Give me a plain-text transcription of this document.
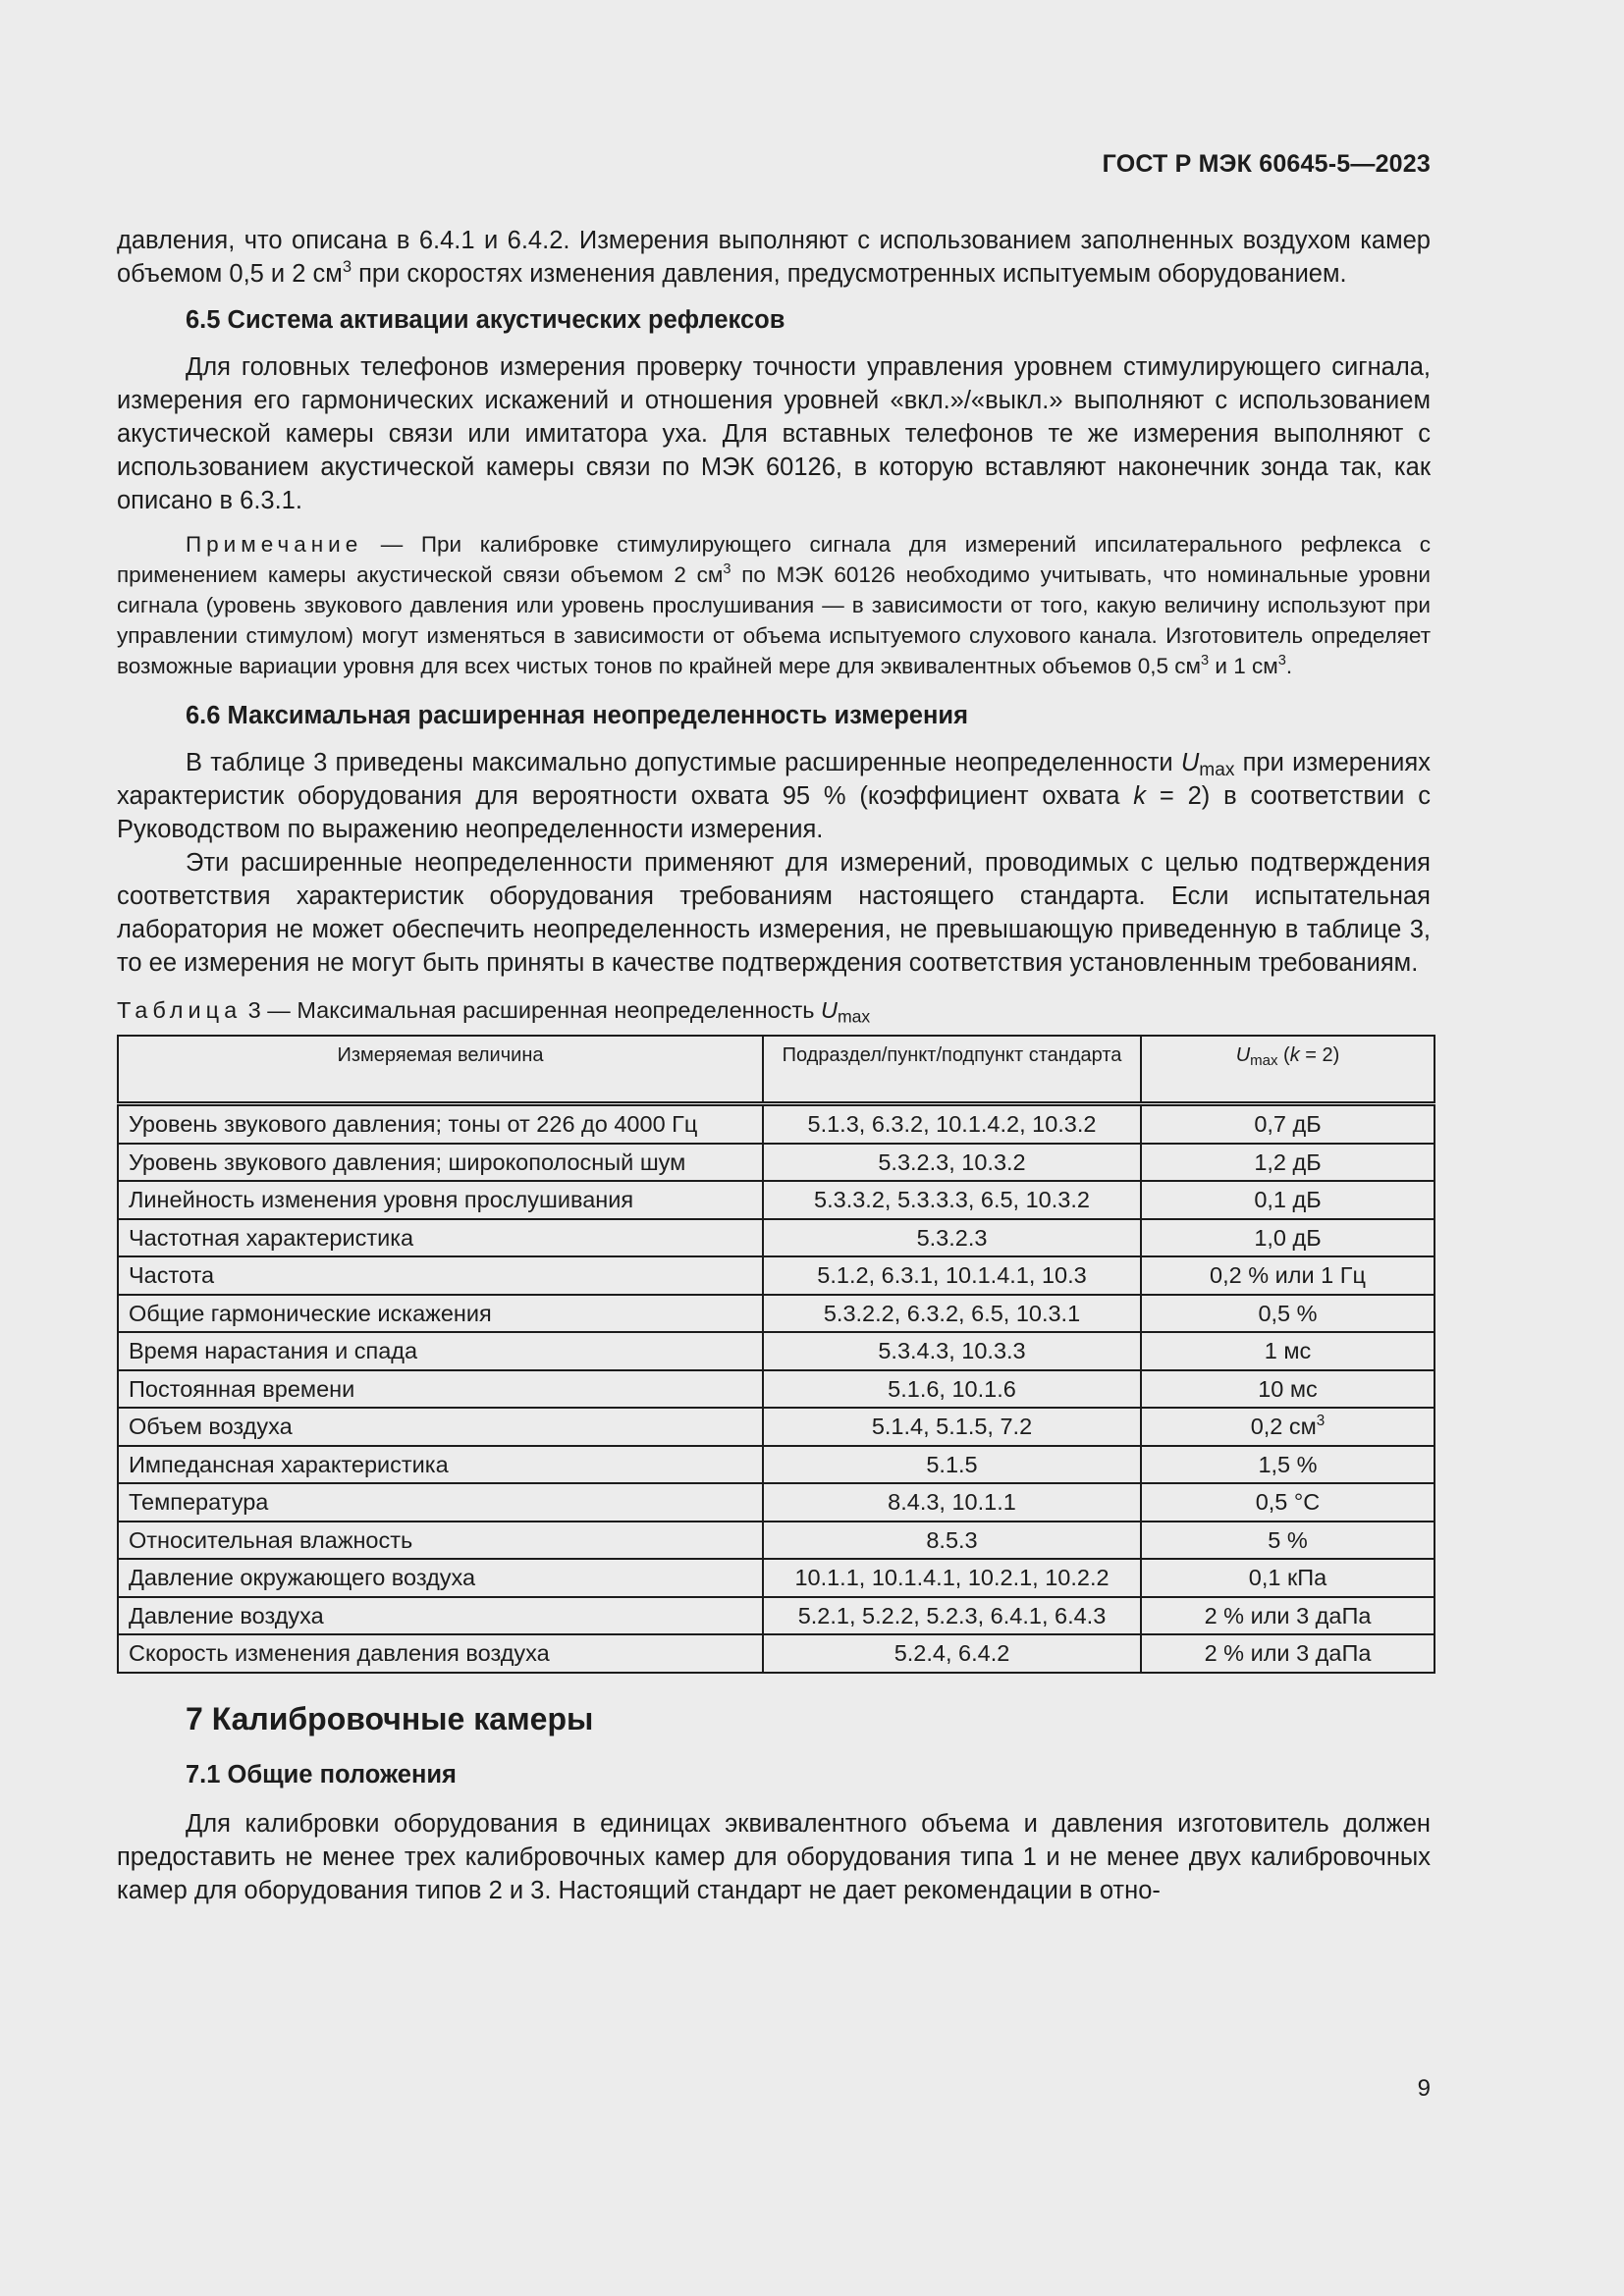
ГОСТ Р МЭК 60645-5—2023

давления, что описана в 6.4.1 и 6.4.2. Измерения выполняют с использованием заполненных воздухом камер объемом 0,5 и 2 $см^3$ при скоростях изменения давления, предусмотренных испытуемым оборудованием.

6.5 Система активации акустических рефлексов

Для головных телефонов измерения проверку точности управления уровнем стимулирующего сигнала, измерения его гармонических искажений и отношения уровней «вкл.»/«выкл.» выполняют с использованием акустической камеры связи или имитатора уха. Для вставных телефонов те же измерения выполняют с использованием акустической камеры связи по МЭК 60126, в которую вставляют наконечник зонда так, как описано в 6.3.1.

Примечание — При калибровке стимулирующего сигнала для измерений ипсилатерального рефлекса с применением камеры акустической связи объемом 2 $см^3$ по МЭК 60126 необходимо учитывать, что номинальные уровни сигнала (уровень звукового давления или уровень прослушивания — в зависимости от того, какую величину используют при управлении стимулом) могут изменяться в зависимости от объема испытуемого слухового канала. Изготовитель определяет возможные вариации уровня для всех чистых тонов по крайней мере для эквивалентных объемов 0,5 $см^3$ и 1 $см^3$.

6.6 Максимальная расширенная неопределенность измерения

В таблице 3 приведены максимально допустимые расширенные неопределенности $U_{max}$ при измерениях характеристик оборудования для вероятности охвата 95 % (коэффициент охвата k = 2) в соответствии с Руководством по выражению неопределенности измерения.

Эти расширенные неопределенности применяют для измерений, проводимых с целью подтверждения соответствия характеристик оборудования требованиям настоящего стандарта. Если испытательная лаборатория не может обеспечить неопределенность измерения, не превышающую приведенную в таблице 3, то ее измерения не могут быть приняты в качестве подтверждения соответствия установленным требованиям.

Таблица 3 — Максимальная расширенная неопределенность $U_{max}$
Измеряемая величина	Подраздел/пункт/подпункт стандарта	$U_{max}$ (k = 2)
Уровень звукового давления; тоны от 226 до 4000 Гц	5.1.3, 6.3.2, 10.1.4.2, 10.3.2	0,7 дБ
Уровень звукового давления; широкополосный шум	5.3.2.3, 10.3.2	1,2 дБ
Линейность изменения уровня прослушивания	5.3.3.2, 5.3.3.3, 6.5, 10.3.2	0,1 дБ
Частотная характеристика	5.3.2.3	1,0 дБ
Частота	5.1.2, 6.3.1, 10.1.4.1, 10.3	0,2 % или 1 Гц
Общие гармонические искажения	5.3.2.2, 6.3.2, 6.5, 10.3.1	0,5 %
Время нарастания и спада	5.3.4.3, 10.3.3	1 мс
Постоянная времени	5.1.6, 10.1.6	10 мс
Объем воздуха	5.1.4, 5.1.5, 7.2	0,2 $см^3$
Импедансная характеристика	5.1.5	1,5 %
Температура	8.4.3, 10.1.1	0,5 °C
Относительная влажность	8.5.3	5 %
Давление окружающего воздуха	10.1.1, 10.1.4.1, 10.2.1, 10.2.2	0,1 кПа
Давление воздуха	5.2.1, 5.2.2, 5.2.3, 6.4.1, 6.4.3	2 % или 3 даПа
Скорость изменения давления воздуха	5.2.4, 6.4.2	2 % или 3 даПа
7 Калибровочные камеры
7.1 Общие положения

Для калибровки оборудования в единицах эквивалентного объема и давления изготовитель должен предоставить не менее трех калибровочных камер для оборудования типа 1 и не менее двух калибровочных камер для оборудования типов 2 и 3. Настоящий стандарт не дает рекомендации в отно-

9
